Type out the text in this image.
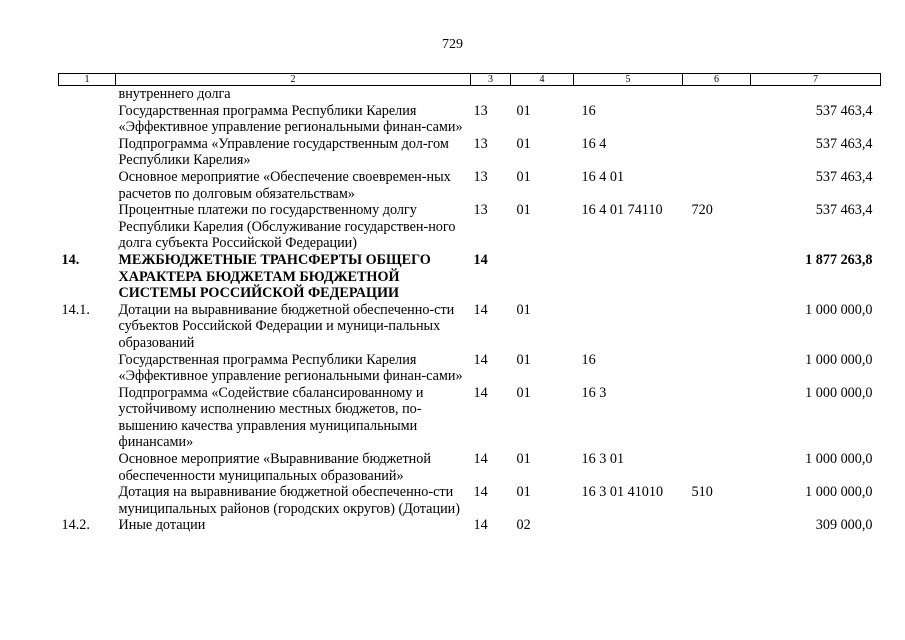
729
1	2	3	4	5	6	7
	внутреннего долга					
	Государственная программа Республики Карелия «Эффективное управление региональными финан-сами»	13	01	16		537 463,4
	Подпрограмма «Управление государственным дол-гом Республики Карелия»	13	01	16 4		537 463,4
	Основное мероприятие «Обеспечение своевремен-ных расчетов по долговым обязательствам»	13	01	16 4 01		537 463,4
	Процентные платежи по государственному долгу Республики Карелия (Обслуживание государствен-ного долга субъекта Российской Федерации)	13	01	16 4 01 74110	720	537 463,4
14.	МЕЖБЮДЖЕТНЫЕ ТРАНСФЕРТЫ ОБЩЕГО ХАРАКТЕРА БЮДЖЕТАМ БЮДЖЕТНОЙ СИСТЕМЫ РОССИЙСКОЙ ФЕДЕРАЦИИ	14				1 877 263,8
14.1.	Дотации на выравнивание бюджетной обеспеченно-сти субъектов Российской Федерации и муници-пальных образований	14	01			1 000 000,0
	Государственная программа Республики Карелия «Эффективное управление региональными финан-сами»	14	01	16		1 000 000,0
	Подпрограмма «Содействие сбалансированному и устойчивому исполнению местных бюджетов, по-вышению качества управления муниципальными финансами»	14	01	16 3		1 000 000,0
	Основное мероприятие «Выравнивание бюджетной обеспеченности муниципальных образований»	14	01	16 3 01		1 000 000,0
	Дотация на выравнивание бюджетной обеспеченно-сти муниципальных районов (городских округов) (Дотации)	14	01	16 3 01 41010	510	1 000 000,0
14.2.	Иные дотации	14	02			309 000,0
